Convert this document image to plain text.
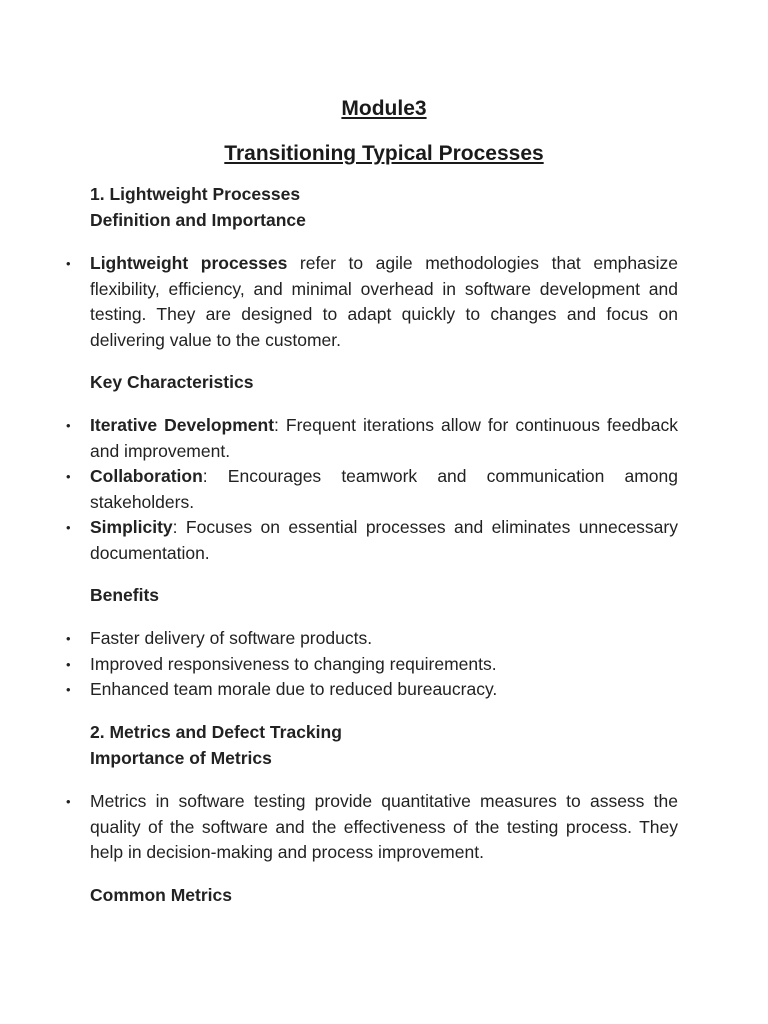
Module3
Transitioning Typical Processes

1. Lightweight Processes

Definition and Importance

• Lightweight processes refer to agile methodologies that emphasize flexibility, efficiency, and minimal overhead in software development and testing. They are designed to adapt quickly to changes and focus on delivering value to the customer.

Key Characteristics

• Iterative Development: Frequent iterations allow for continuous feedback and improvement.
• Collaboration: Encourages teamwork and communication among stakeholders.
• Simplicity: Focuses on essential processes and eliminates unnecessary documentation.

Benefits

• Faster delivery of software products.
• Improved responsiveness to changing requirements.
• Enhanced team morale due to reduced bureaucracy.

2. Metrics and Defect Tracking

Importance of Metrics

• Metrics in software testing provide quantitative measures to assess the quality of the software and the effectiveness of the testing process. They help in decision-making and process improvement.

Common Metrics
